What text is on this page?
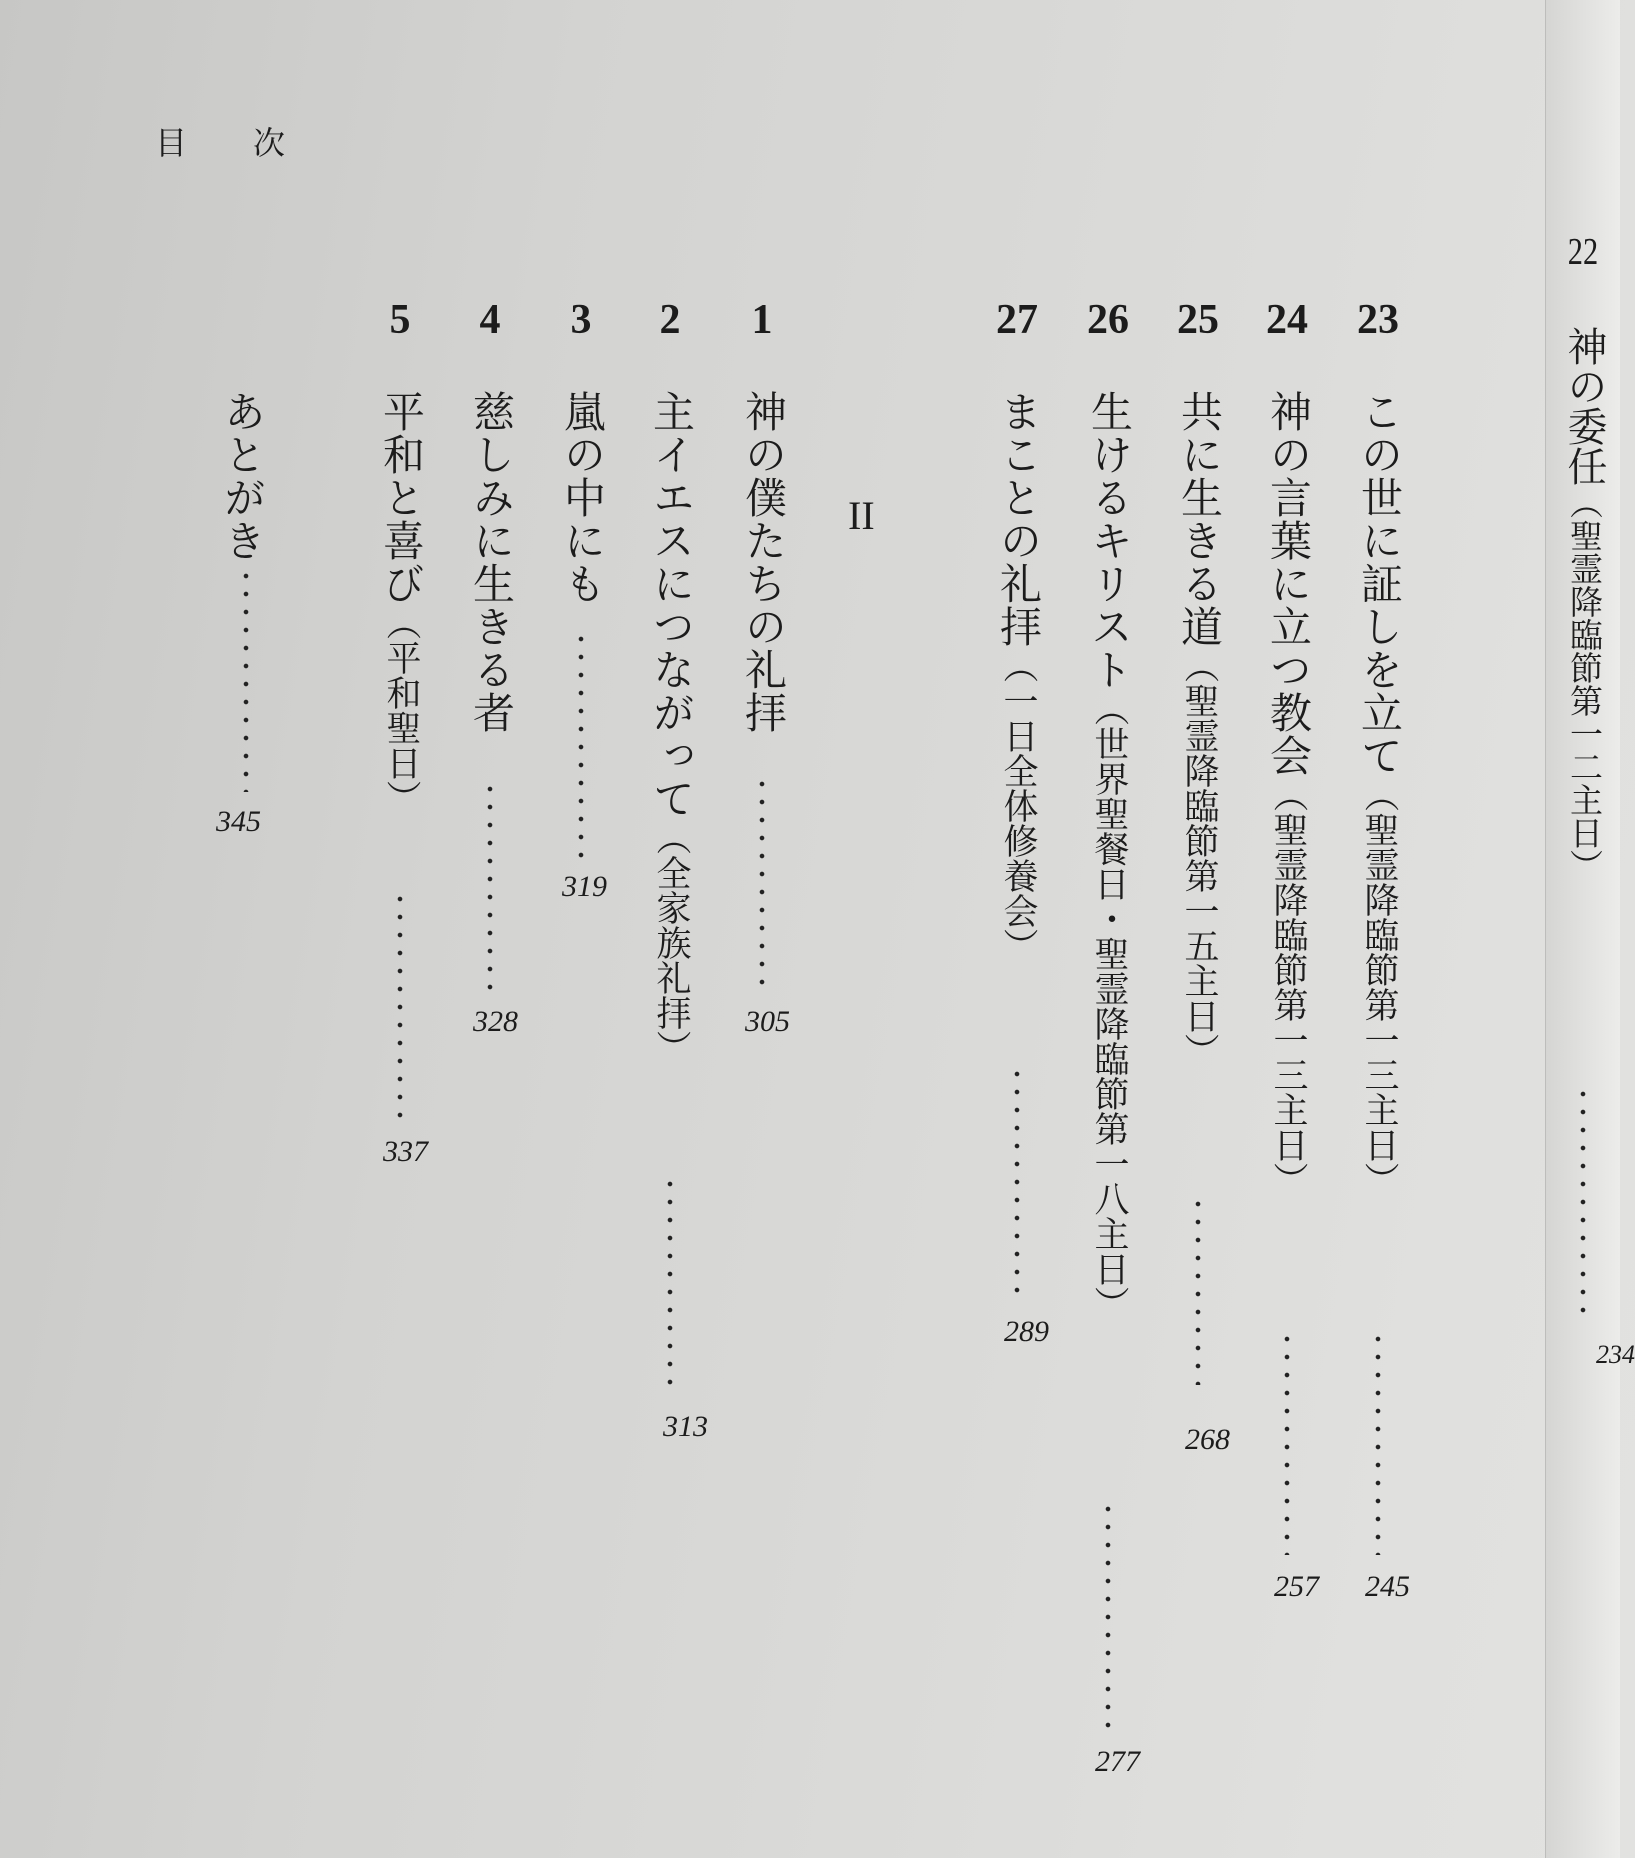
目次
23
この世に証しを立て（聖霊降臨節第一三主日）
245
24
神の言葉に立つ教会（聖霊降臨節第一三主日）
257
25
共に生きる道（聖霊降臨節第一五主日）
268
26
生けるキリスト（世界聖餐日・聖霊降臨節第一八主日）
277
27
まことの礼拝（一日全体修養会）
289
II
1
神の僕たちの礼拝
305
2
主イエスにつながって（全家族礼拝）
313
3
嵐の中にも
319
4
慈しみに生きる者
328
5
平和と喜び（平和聖日）
337
あとがき
345
﻿
22
神の委任（聖霊降臨節第一二主日）
234
